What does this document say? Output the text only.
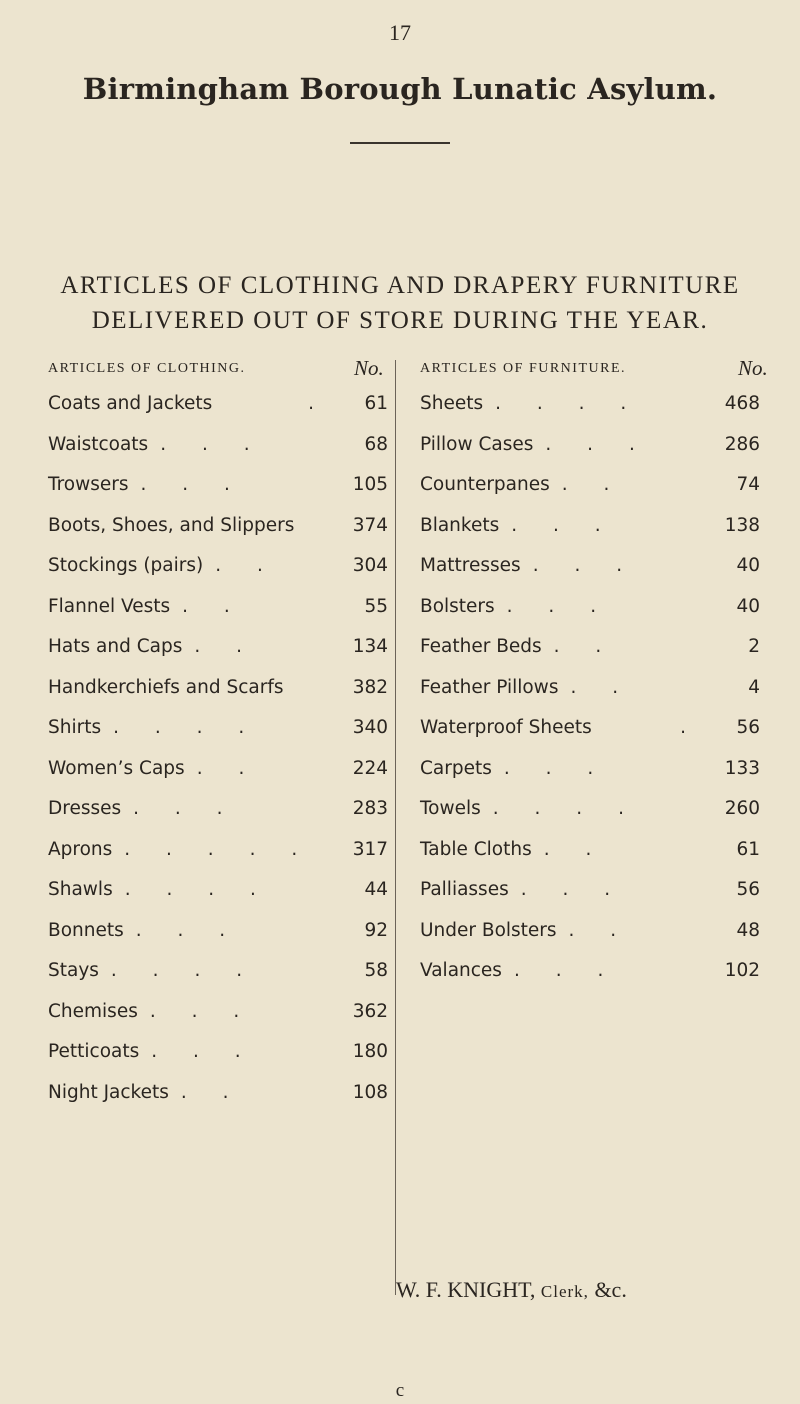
17
Birmingham Borough Lunatic Asylum.
ARTICLES OF CLOTHING AND DRAPERY FURNITURE
DELIVERED OUT OF STORE DURING THE YEAR.
ARTICLES OF CLOTHING.	No.	ARTICLES OF FURNITURE.	No.
Coats and Jackets	.	61
Waistcoats . . .	68
Trowsers . . .	105
Boots, Shoes, and Slippers	374
Stockings (pairs) . .	304
Flannel Vests . .	55
Hats and Caps . .	134
Handkerchiefs and Scarfs	382
Shirts . . . .	340
Women’s Caps . .	224
Dresses . . .	283
Aprons . . . . .	317
Shawls . . . .	44
Bonnets . . .	92
Stays . . . .	58
Chemises . . .	362
Petticoats . . .	180
Night Jackets . .	108
Sheets . . . .	468
Pillow Cases . . .	286
Counterpanes . .	74
Blankets . . .	138
Mattresses . . .	40
Bolsters . . .	40
Feather Beds . .	2
Feather Pillows . .	4
Waterproof Sheets	.	56
Carpets . . .	133
Towels . . . .	260
Table Cloths . .	61
Palliasses . . .	56
Under Bolsters . .	48
Valances . . .	102
W. F. KNIGHT, Clerk, &c.
c
